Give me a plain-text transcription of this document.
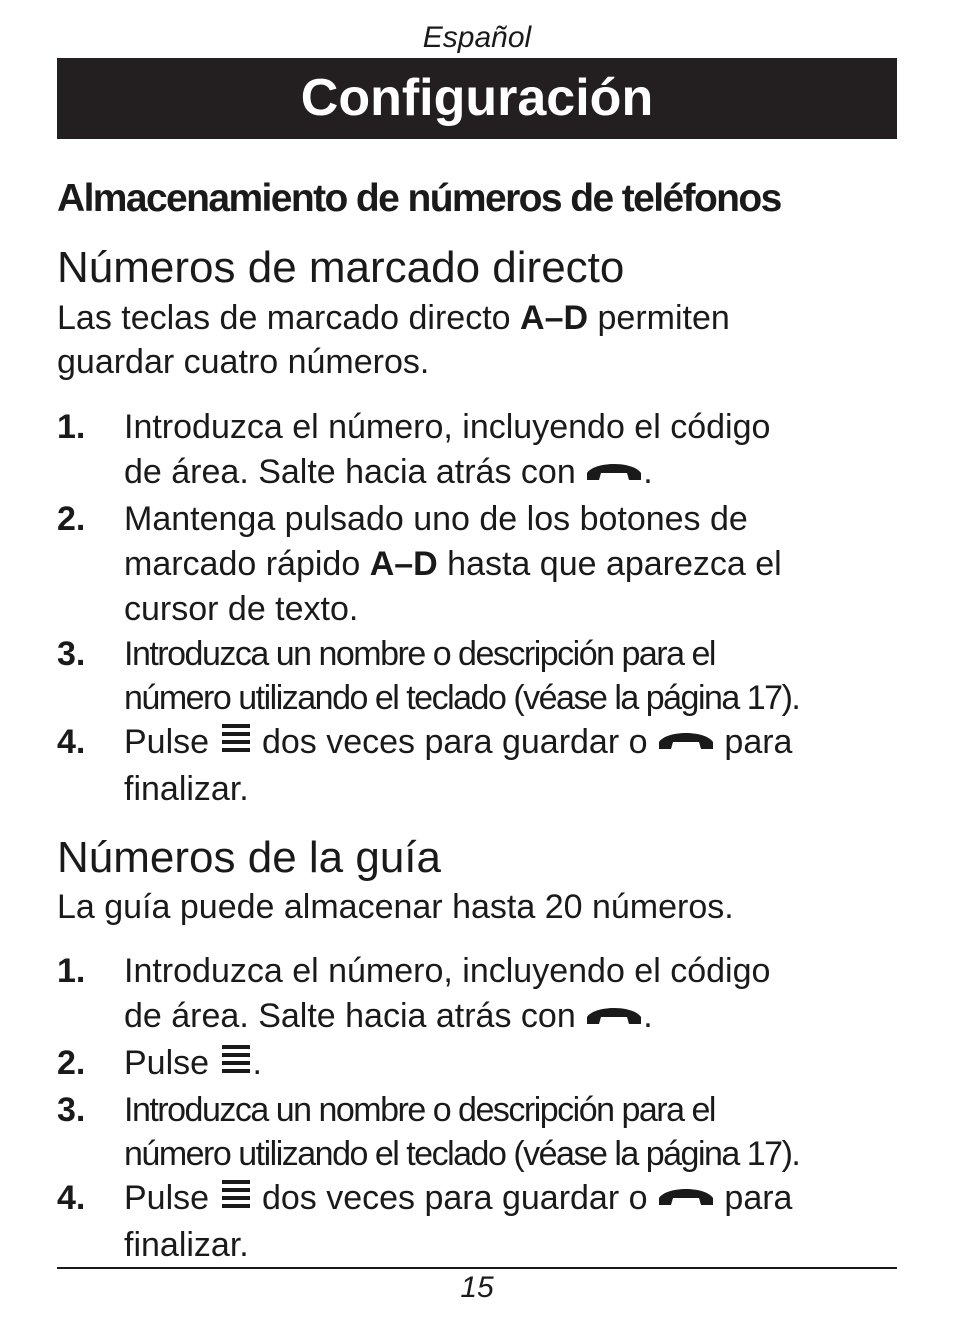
Español
Configuración
Almacenamiento de números de teléfonos
Números de marcado directo
Las teclas de marcado directo A–D permiten
guardar cuatro números.
1. Introduzca el número, incluyendo el código
de área. Salte hacia atrás con .
2. Mantenga pulsado uno de los botones de
marcado rápido A–D hasta que aparezca el
cursor de texto.
3. Introduzca un nombre o descripción para el
número utilizando el teclado (véase la página 17).
4. Pulse  dos veces para guardar o  para
finalizar.
Números de la guía
La guía puede almacenar hasta 20 números.
1. Introduzca el número, incluyendo el código
de área. Salte hacia atrás con .
2. Pulse .
3. Introduzca un nombre o descripción para el
número utilizando el teclado (véase la página 17).
4. Pulse  dos veces para guardar o  para
finalizar.
15
